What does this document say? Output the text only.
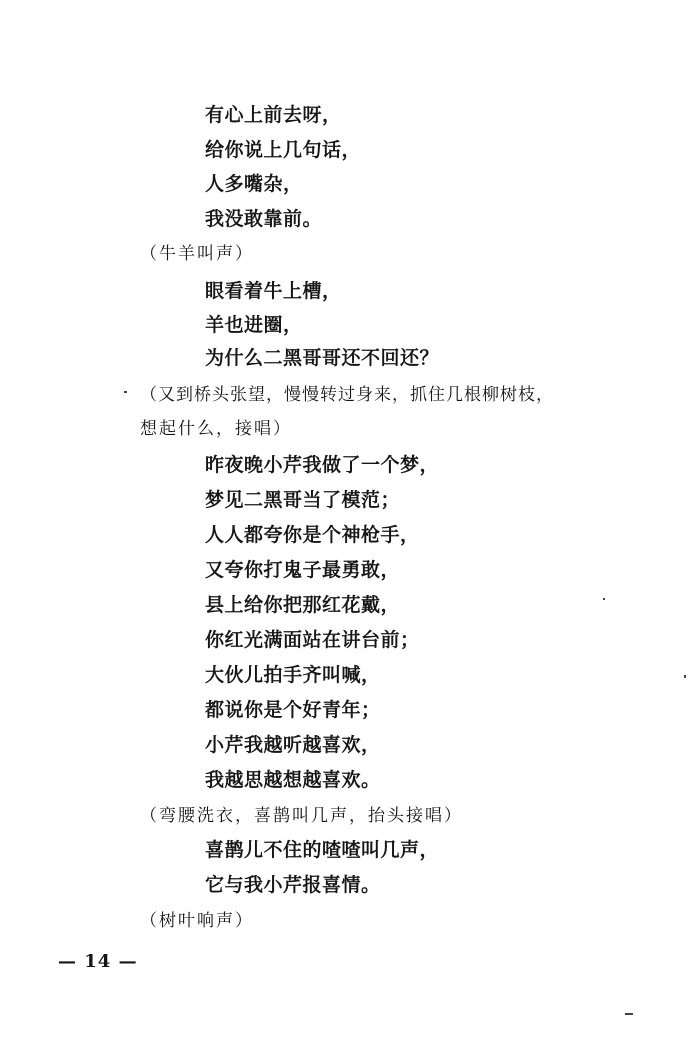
有心上前去呀，
给你说上几句话，
人多嘴杂，
我没敢靠前。
（牛羊叫声）
眼看着牛上槽，
羊也进圈，
为什么二黑哥哥还不回还？
（又到桥头张望，慢慢转过身来，抓住几根柳树枝，
想起什么，接唱）
昨夜晚小芹我做了一个梦，
梦见二黑哥当了模范；
人人都夸你是个神枪手，
又夸你打鬼子最勇敢，
县上给你把那红花戴，
你红光满面站在讲台前；
大伙儿拍手齐叫喊，
都说你是个好青年；
小芹我越听越喜欢，
我越思越想越喜欢。
（弯腰洗衣，喜鹊叫几声，抬头接唱）
喜鹊儿不住的喳喳叫几声，
它与我小芹报喜情。
（树叶响声）
— 14 —
